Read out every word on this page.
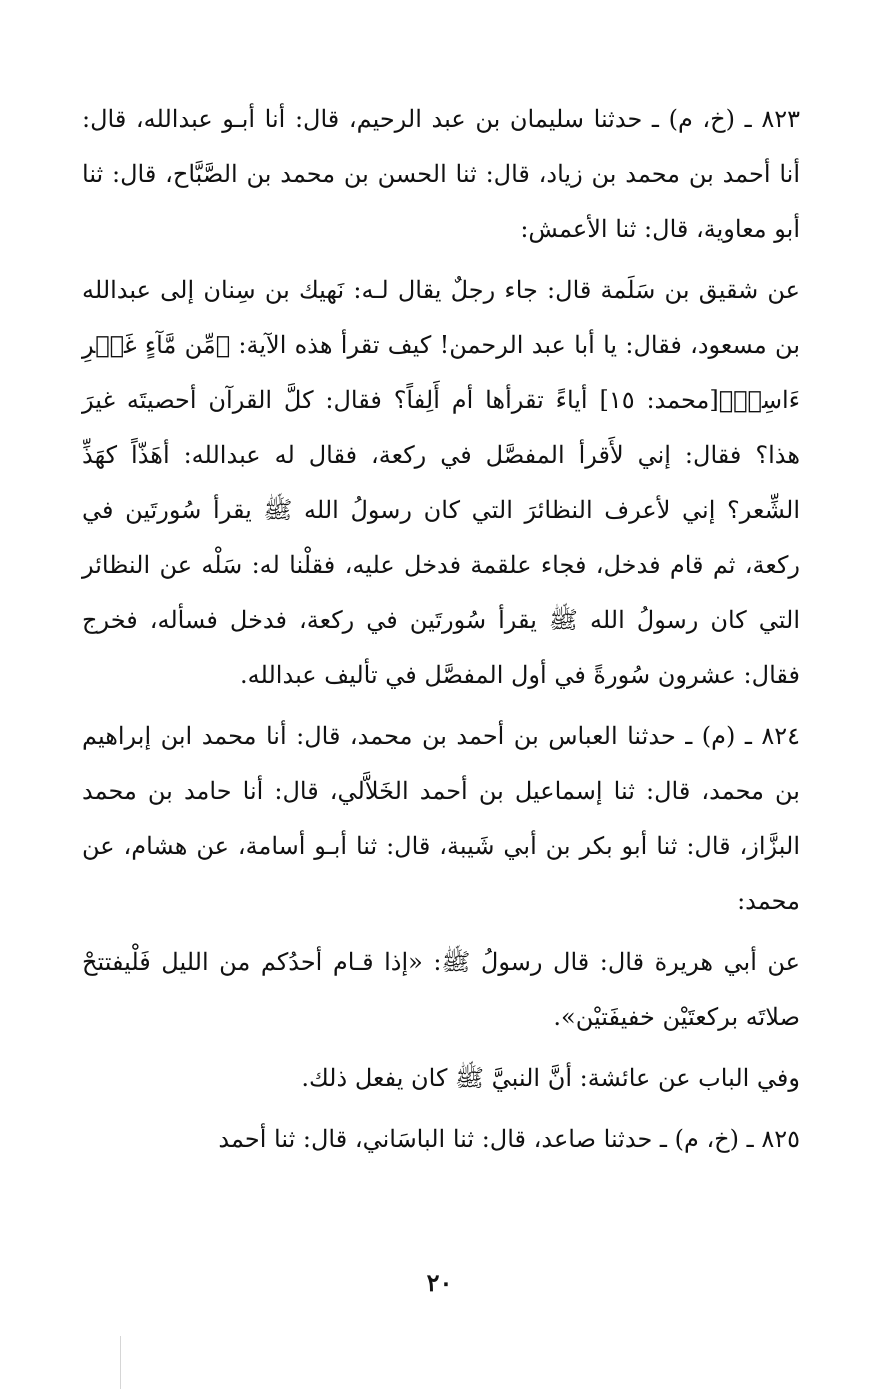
٨٢٣ ـ (خ، م) ـ حدثنا سليمان بن عبد الرحيم، قال: أنا أبـو عبدالله، قال: أنا أحمد بن محمد بن زياد، قال: ثنا الحسن بن محمد بن الصَّبَّاح، قال: ثنا أبو معاوية، قال: ثنا الأعمش:

عن شقيق بن سَلَمة قال: جاء رجلٌ يقال لـه: نَهيك بن سِنان إلى عبدالله بن مسعود، فقال: يا أبا عبد الرحمن! كيف تقرأ هذه الآية: ﴿مِّن مَّآءٍ غَيۡرِ ءَاسِنٖ﴾[محمد: ١٥] أياءً تقرأها أم أَلِفاً؟ فقال: كلَّ القرآن أحصيتَه غيرَ هذا؟ فقال: إني لأَقرأ المفصَّل في ركعة، فقال له عبدالله: أهَذّاً كهَذِّ الشِّعر؟ إني لأعرف النظائرَ التي كان رسولُ الله ﷺ يقرأ سُورتَين في ركعة، ثم قام فدخل، فجاء علقمة فدخل عليه، فقلْنا له: سَلْه عن النظائر التي كان رسولُ الله ﷺ يقرأ سُورتَين في ركعة، فدخل فسأله، فخرج فقال: عشرون سُورةً في أول المفصَّل في تأليف عبدالله.

٨٢٤ ـ (م) ـ حدثنا العباس بن أحمد بن محمد، قال: أنا محمد ابن إبراهيم بن محمد، قال: ثنا إسماعيل بن أحمد الخَلاَّلي، قال: أنا حامد بن محمد البزَّاز، قال: ثنا أبو بكر بن أبي شَيبة، قال: ثنا أبـو أسامة، عن هشام، عن محمد:

عن أبي هريرة قال: قال رسولُ ﷺ: «إذا قـام أحدُكم من الليل فَلْيفتتحْ صلاتَه بركعتَيْن خفيفَتيْن».

وفي الباب عن عائشة: أنَّ النبيَّ ﷺ كان يفعل ذلك.

٨٢٥ ـ (خ، م) ـ حدثنا صاعد، قال: ثنا الباسَاني، قال: ثنا أحمد

٢٠
